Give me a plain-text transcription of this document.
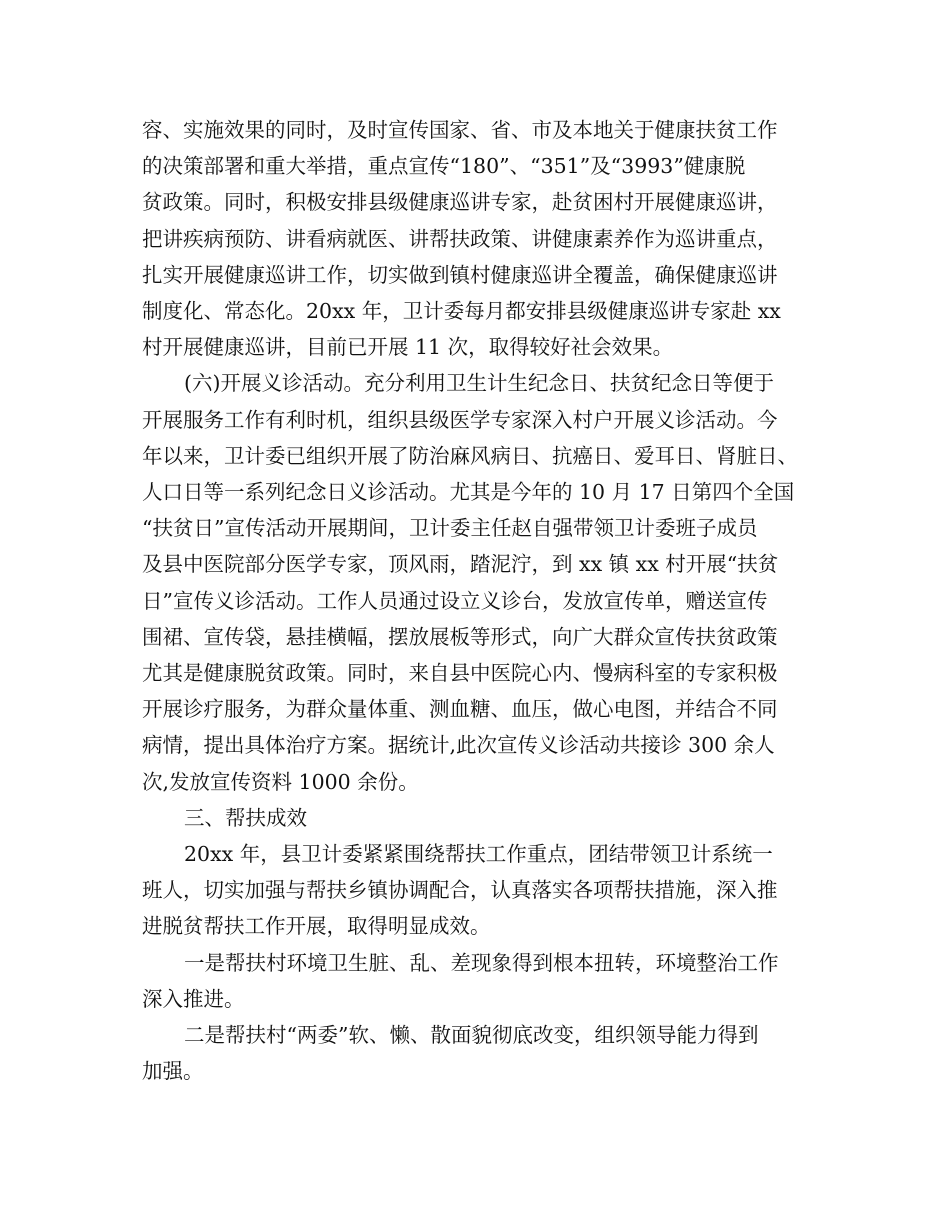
容、实施效果的同时，及时宣传国家、省、市及本地关于健康扶贫工作
的决策部署和重大举措，重点宣传“180”、“351”及“3993”健康脱
贫政策。同时，积极安排县级健康巡讲专家，赴贫困村开展健康巡讲，
把讲疾病预防、讲看病就医、讲帮扶政策、讲健康素养作为巡讲重点，
扎实开展健康巡讲工作，切实做到镇村健康巡讲全覆盖，确保健康巡讲
制度化、常态化。20xx 年，卫计委每月都安排县级健康巡讲专家赴 xx
村开展健康巡讲，目前已开展 11 次，取得较好社会效果。
(六)开展义诊活动。充分利用卫生计生纪念日、扶贫纪念日等便于
开展服务工作有利时机，组织县级医学专家深入村户开展义诊活动。今
年以来，卫计委已组织开展了防治麻风病日、抗癌日、爱耳日、肾脏日、
人口日等一系列纪念日义诊活动。尤其是今年的 10 月 17 日第四个全国
“扶贫日”宣传活动开展期间，卫计委主任赵自强带领卫计委班子成员
及县中医院部分医学专家，顶风雨，踏泥泞，到 xx 镇 xx 村开展“扶贫
日”宣传义诊活动。工作人员通过设立义诊台，发放宣传单，赠送宣传
围裙、宣传袋，悬挂横幅，摆放展板等形式，向广大群众宣传扶贫政策
尤其是健康脱贫政策。同时，来自县中医院心内、慢病科室的专家积极
开展诊疗服务，为群众量体重、测血糖、血压，做心电图，并结合不同
病情，提出具体治疗方案。据统计,此次宣传义诊活动共接诊 300 余人
次,发放宣传资料 1000 余份。
三、帮扶成效
20xx 年，县卫计委紧紧围绕帮扶工作重点，团结带领卫计系统一
班人，切实加强与帮扶乡镇协调配合，认真落实各项帮扶措施，深入推
进脱贫帮扶工作开展，取得明显成效。
一是帮扶村环境卫生脏、乱、差现象得到根本扭转，环境整治工作
深入推进。
二是帮扶村“两委”软、懒、散面貌彻底改变，组织领导能力得到
加强。
